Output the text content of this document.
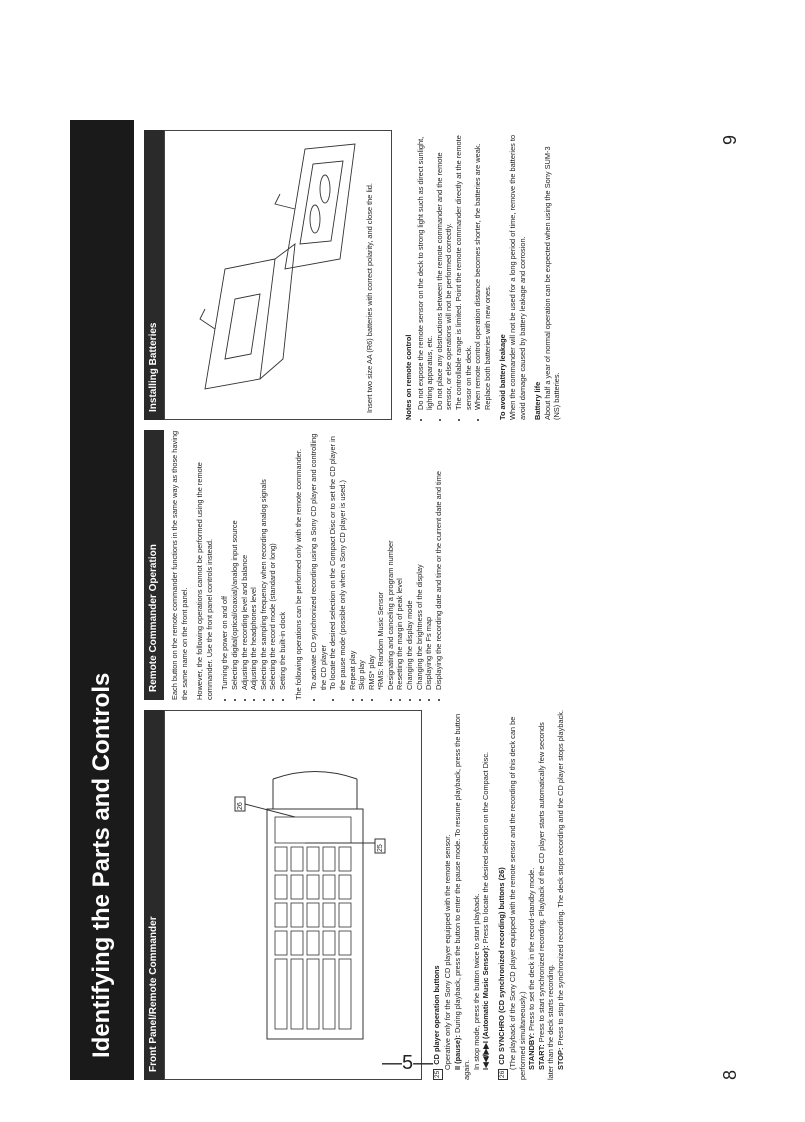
Identifying the Parts and Controls	Front Panel/Remote Commander
25
26

25CD player operation buttons Operative only for the Sony CD player equipped with the remote sensor.
II (pause): During playback, press the button to enter the pause mode. To resume playback, press the button again.
In stop mode, press the button twice to start playback.
I◀◀/▶▶I (Automatic Music Sensor): Press to locate the desired selection on the Compact Disc.

26CD SYNCHRO (CD synchronized recording) buttons (26) (The playback of the Sony CD player equipped with the remote sensor and the recording of this deck can be performed simultaneously.)
STANDBY: Press to set the deck in the record-standby mode.
START: Press to start synchronized recording. Playback of the CD player starts automatically few seconds later than the deck starts recording.
STOP: Press to stop the synchronized recording. The deck stops recording and the CD player stops playback.

Remote Commander Operation	Each button on the remote commander functions in the same way as those having the same name on the front panel. However, the following operations cannot be performed using the remote commander. Use the front panel controls instead. • Turning the power on and off • Selecting digital(optical/coaxial)/analog input source • Adjusting the recording level and balance • Adjusting the headphones level • Selecting the sampling frequency when recording analog signals • Selecting the record mode (standard or long) • Setting the built-in clock The following operations can be performed only with the remote commander. • To activate CD synchronized recording using a Sony CD player and controlling the CD player • To locate the desired selection on the Compact Disc or to set the CD player in the pause mode (possible only when a Sony CD player is used.) • Repeat play • Skip play • RMS* play *RMS: Random Music Sensor • Designating and canceling a program number • Resetting the margin of peak level • Changing the display mode • Changing the brightness of the display • Displaying the Fs map • Displaying the recording date and time or the current date and time
Installing Batteries	Insert two size AA (R6) batteries with correct polarity, and close the lid.	Notes on remote control • Do not expose the remote sensor on the deck to strong light such as direct sunlight, lighting apparatus, etc. • Do not place any obstructions between the remote commander and the remote sensor, or else operations will not be performed correctly. • The controllable range is limited. Point the remote commander directly at the remote sensor on the deck. • When remote control operation distance becomes shorter, the batteries are weak. Replace both batteries with new ones. To avoid battery leakage When the commander will not be used for a long period of time, remove the batteries to avoid damage caused by battery leakage and corrosion. Battery life About half a year of normal operation can be expected when using the Sony SUM-3 (NS) batteries.

8
9
—5—
